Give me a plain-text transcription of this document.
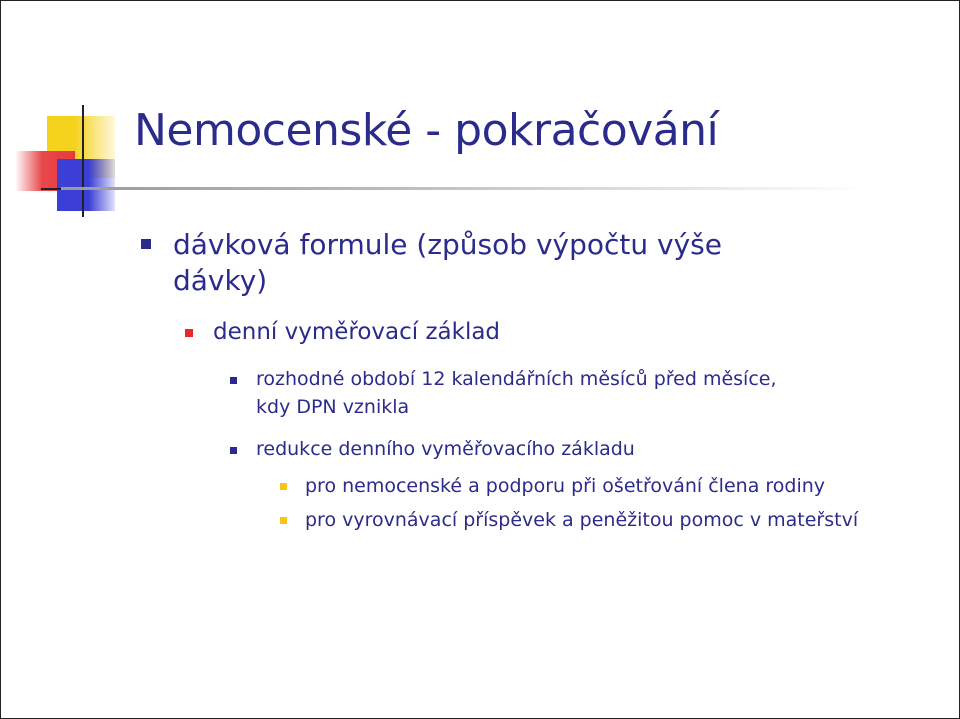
Nemocenské - pokračování
dávková formule (způsob výpočtu výše
dávky)
denní vyměřovací základ
rozhodné období 12 kalendářních měsíců před měsíce,
kdy DPN vznikla
redukce denního vyměřovacího základu
pro nemocenské a podporu při ošetřování člena rodiny
pro vyrovnávací příspěvek a peněžitou pomoc v mateřství
